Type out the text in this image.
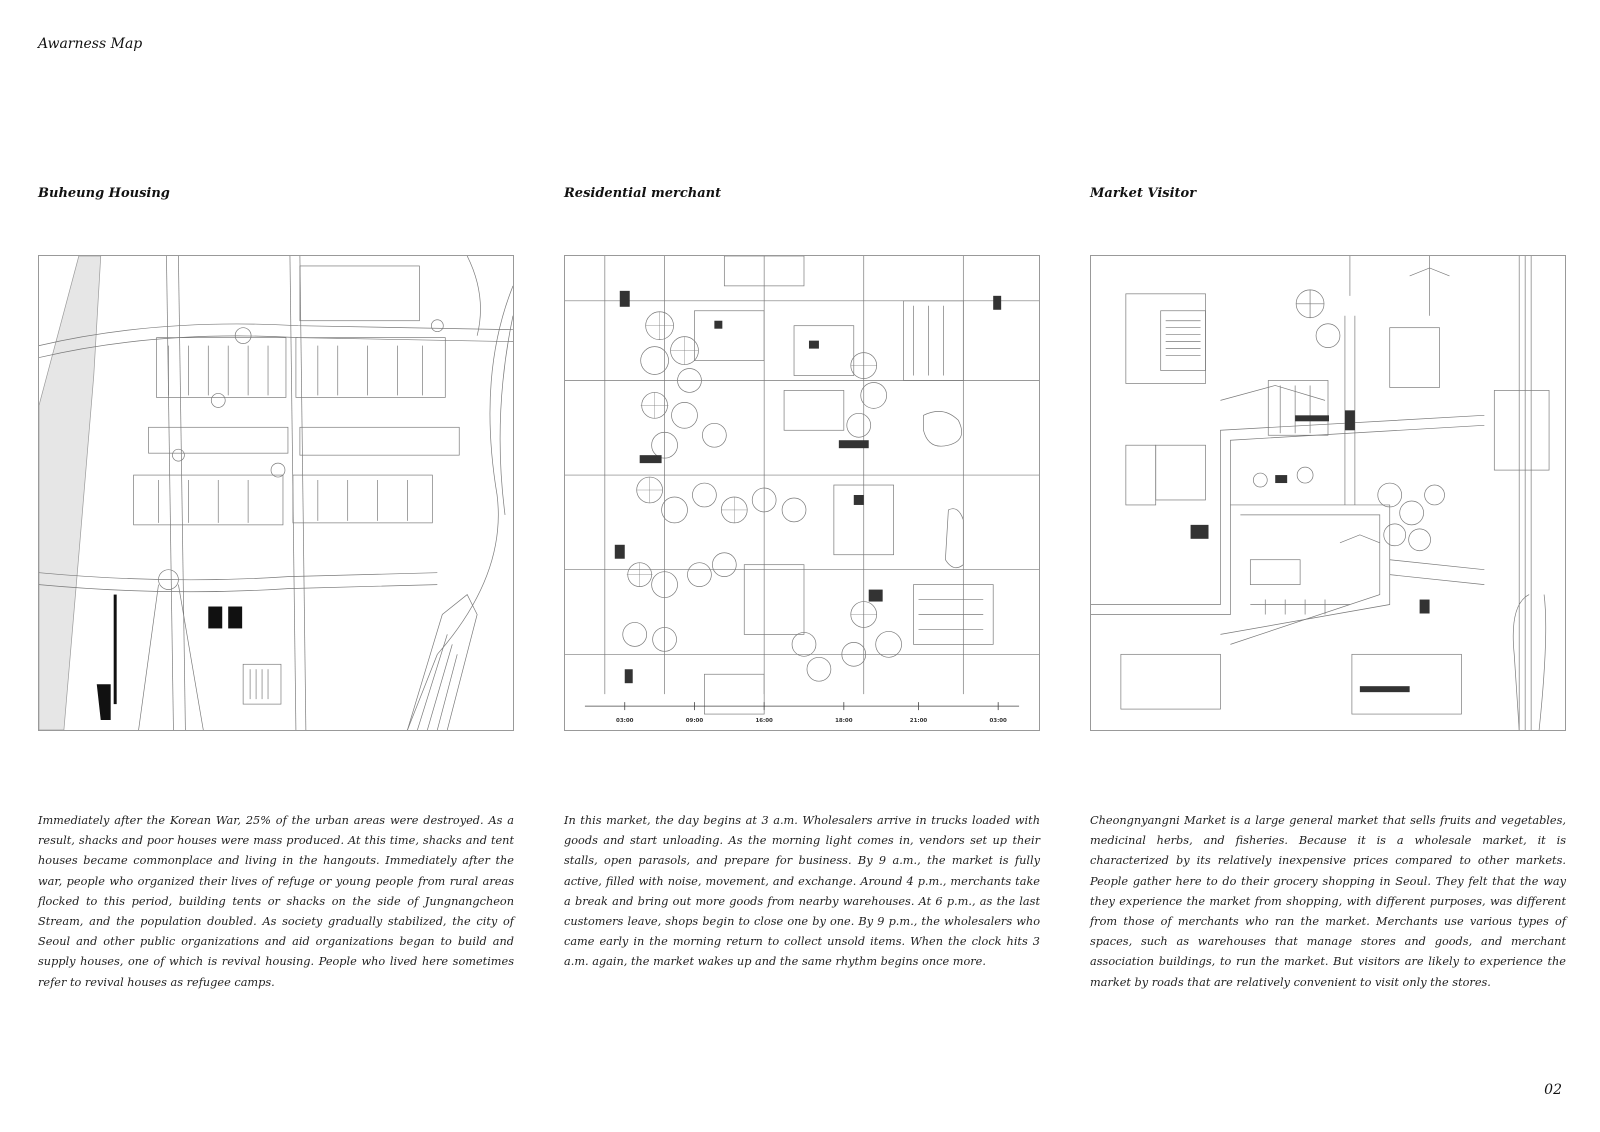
Awarness Map
Buheung Housing

Immediately after the Korean War, 25% of the urban areas were destroyed. As a result, shacks and poor houses were mass produced. At this time, shacks and tent houses became commonplace and living in the hangouts. Immediately after the war, people who organized their lives of refuge or young people from rural areas flocked to this period, building tents or shacks on the side of Jungnangcheon Stream, and the population doubled. As society gradually stabilized, the city of Seoul and other public organizations and aid organizations began to build and supply houses, one of which is revival housing. People who lived here sometimes refer to revival houses as refugee camps.

Residential merchant
03:00	09:00	16:00	18:00	21:00	03:00

In this market, the day begins at 3 a.m. Wholesalers arrive in trucks loaded with goods and start unloading. As the morning light comes in, vendors set up their stalls, open parasols, and prepare for business. By 9 a.m., the market is fully active, filled with noise, movement, and exchange. Around 4 p.m., merchants take a break and bring out more goods from nearby warehouses. At 6 p.m., as the last customers leave, shops begin to close one by one. By 9 p.m., the wholesalers who came early in the morning return to collect unsold items. When the clock hits 3 a.m. again, the market wakes up and the same rhythm begins once more.

Market Visitor

Cheongnyangni Market is a large general market that sells fruits and vegetables, medicinal herbs, and fisheries. Because it is a wholesale market, it is characterized by its relatively inexpensive prices compared to other markets. People gather here to do their grocery shopping in Seoul. They felt that the way they experience the market from shopping, with different purposes, was different from those of merchants who ran the market. Merchants use various types of spaces, such as warehouses that manage stores and goods, and merchant association buildings, to run the market. But visitors are likely to experience the market by roads that are relatively convenient to visit only the stores.

02
